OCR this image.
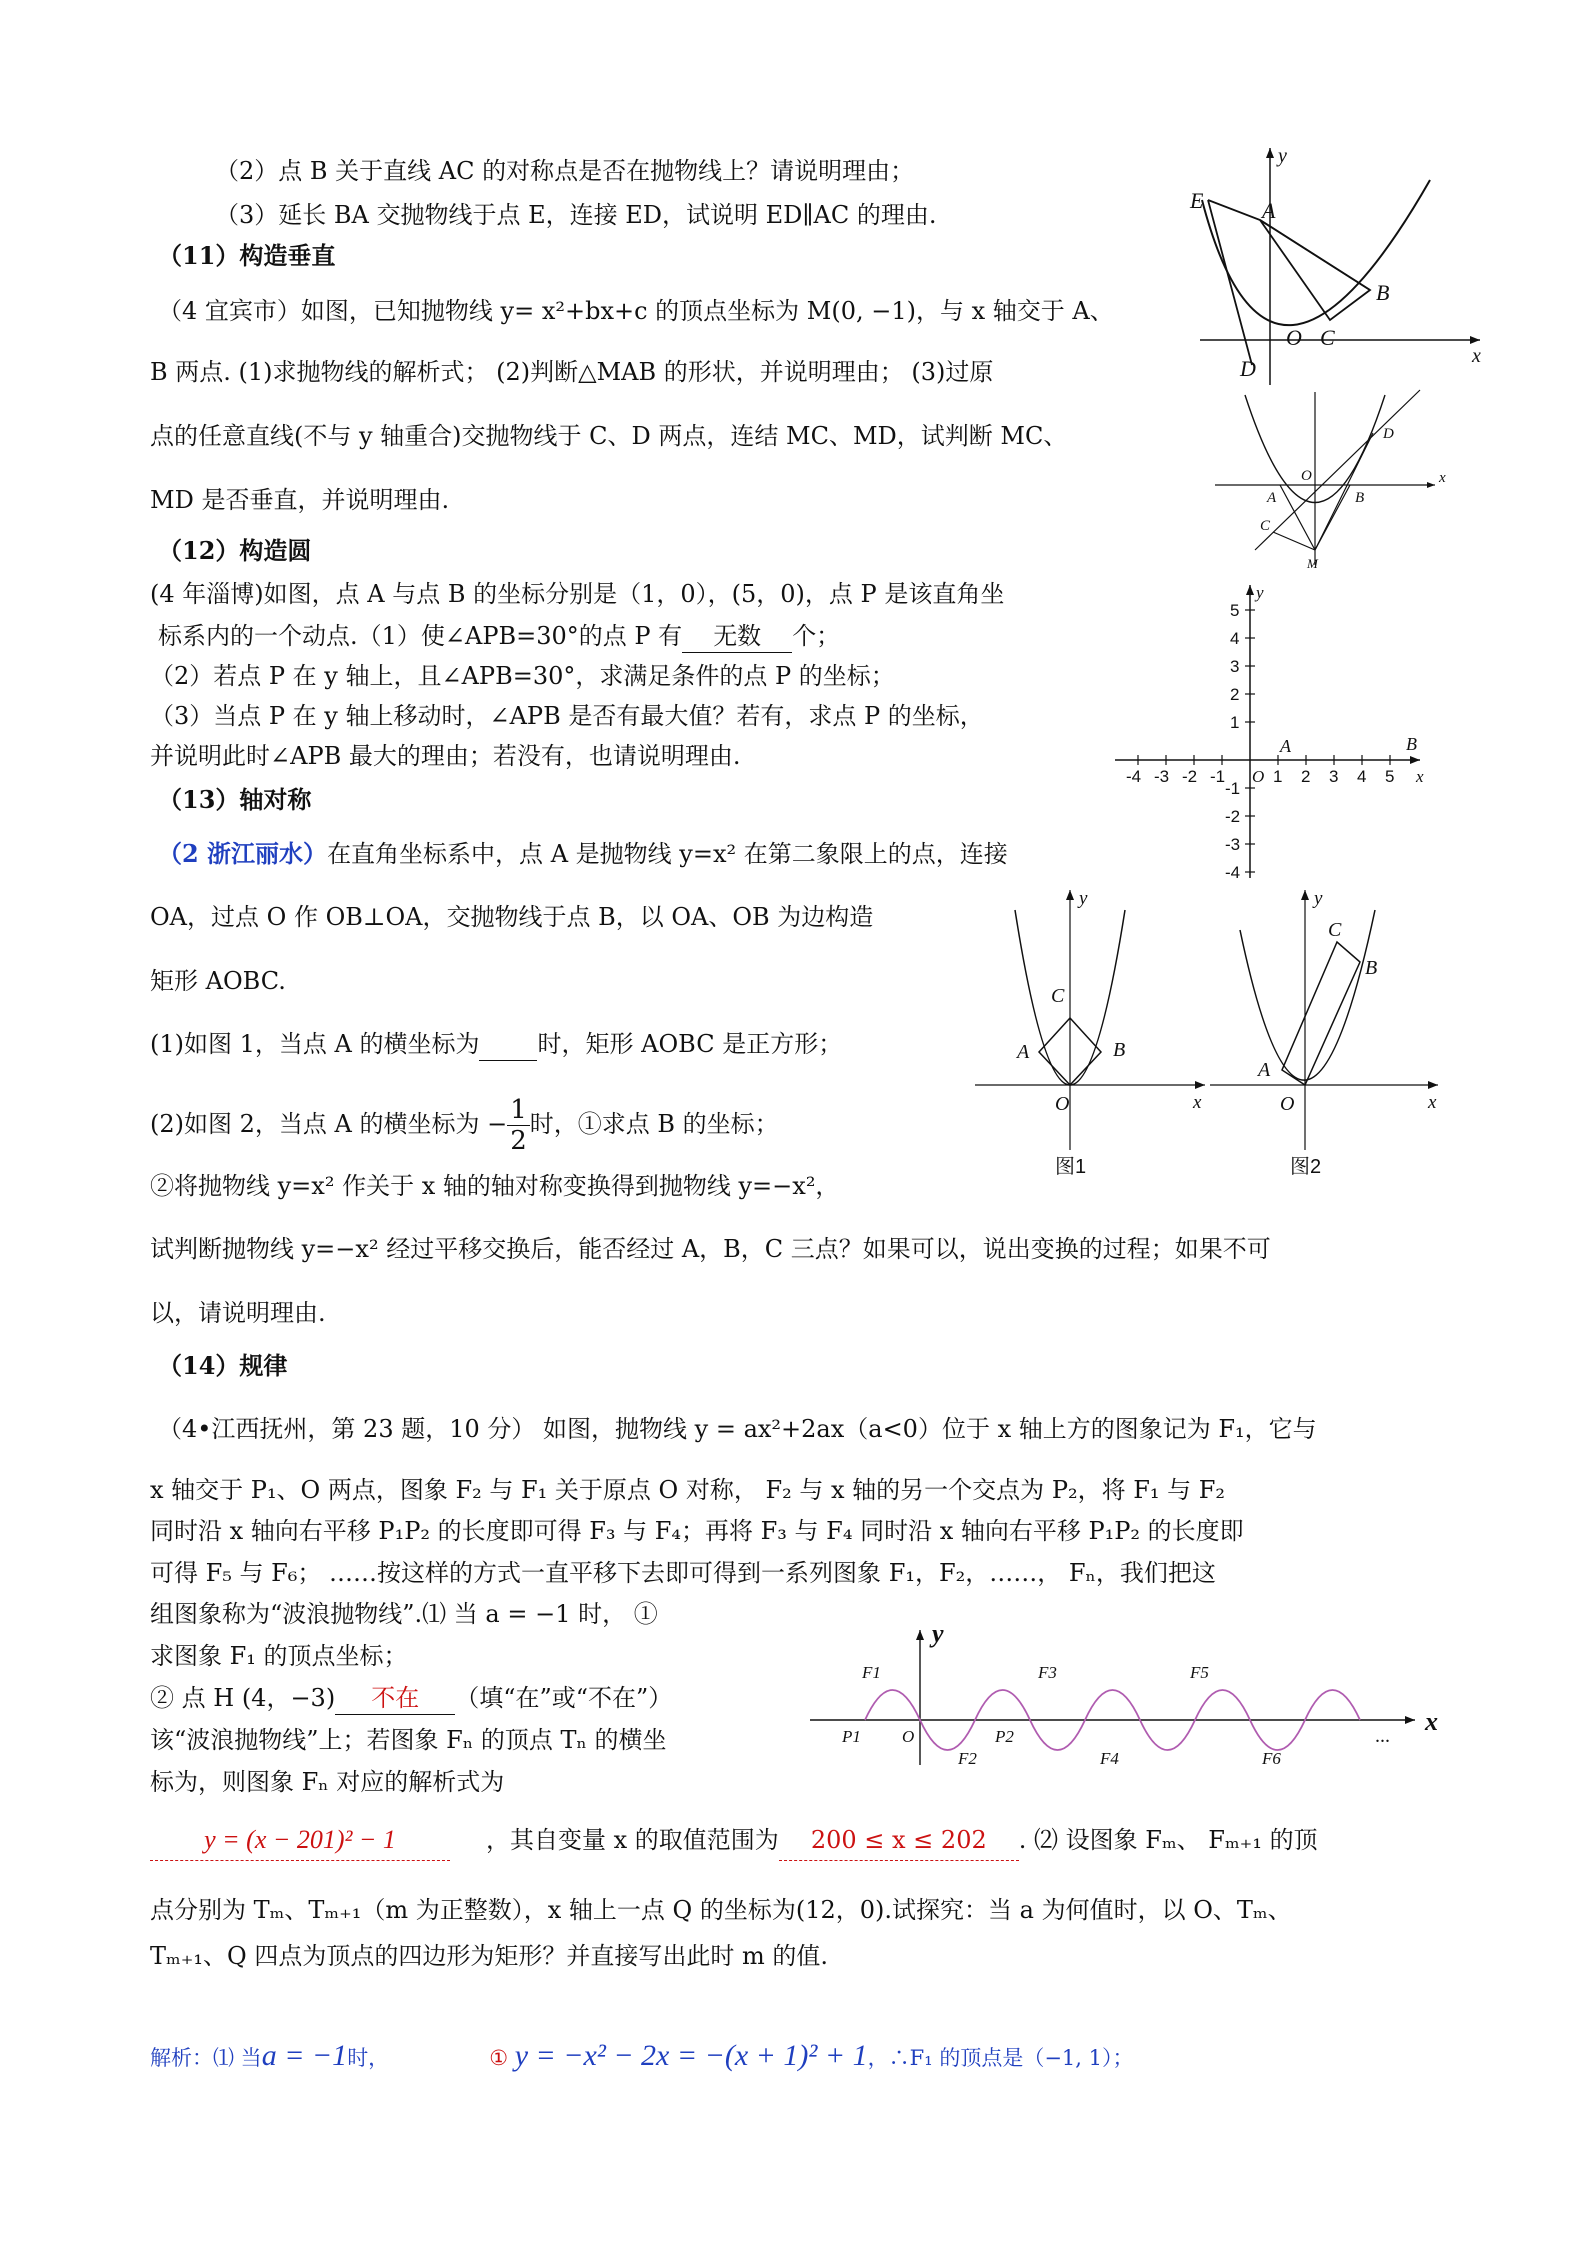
（2）点 B 关于直线 AC 的对称点是否在抛物线上？请说明理由；
（3）延长 BA 交抛物线于点 E，连接 ED，试说明 ED∥AC 的理由.
（11）构造垂直
（4 宜宾市）如图，已知抛物线 y= x²+bx+c 的顶点坐标为 M(0, −1)，与 x 轴交于 A、
B 两点. (1)求抛物线的解析式； (2)判断△MAB 的形状，并说明理由； (3)过原
点的任意直线(不与 y 轴重合)交抛物线于 C、D 两点，连结 MC、MD，试判断 MC、
MD 是否垂直，并说明理由.
（12）构造圆
(4 年淄博)如图，点 A 与点 B 的坐标分别是（1，0），(5，0)，点 P 是该直角坐
标系内的一个动点.（1）使∠APB=30°的点 P 有 无数 个；
（2）若点 P 在 y 轴上，且∠APB=30°，求满足条件的点 P 的坐标；
（3）当点 P 在 y 轴上移动时，∠APB 是否有最大值？若有，求点 P 的坐标，
并说明此时∠APB 最大的理由；若没有，也请说明理由.
（13）轴对称
（2 浙江丽水）在直角坐标系中，点 A 是抛物线 y=x² 在第二象限上的点，连接
OA，过点 O 作 OB⊥OA，交抛物线于点 B，以 OA、OB 为边构造
矩形 AOBC.
(1)如图 1，当点 A 的横坐标为 时，矩形 AOBC 是正方形；
(2)如图 2，当点 A 的横坐标为 − $\frac{1}{2}$ 时，①求点 B 的坐标；
②将抛物线 y=x² 作关于 x 轴的轴对称变换得到抛物线 y=−x²，
试判断抛物线 y=−x² 经过平移交换后，能否经过 A，B，C 三点？如果可以，说出变换的过程；如果不可
以，请说明理由.
（14）规律
（4•江西抚州，第 23 题，10 分） 如图，抛物线 y = ax²+2ax（a<0）位于 x 轴上方的图象记为 F₁，它与
x 轴交于 P₁、O 两点，图象 F₂ 与 F₁ 关于原点 O 对称， F₂ 与 x 轴的另一个交点为 P₂，将 F₁ 与 F₂
同时沿 x 轴向右平移 P₁P₂ 的长度即可得 F₃ 与 F₄；再将 F₃ 与 F₄ 同时沿 x 轴向右平移 P₁P₂ 的长度即
可得 F₅ 与 F₆； ……按这样的方式一直平移下去即可得到一系列图象 F₁，F₂，……， Fₙ，我们把这
组图象称为“波浪抛物线”.⑴ 当 a = −1 时， ①
求图象 F₁ 的顶点坐标；
② 点 H (4，−3) 不在 （填“在”或“不在”）
该“波浪抛物线”上；若图象 Fₙ 的顶点 Tₙ 的横坐
标为，则图象 Fₙ 对应的解析式为
y = (x − 201)² − 1	，其自变量 x 的取值范围为 200 ≤ x ≤ 202 . ⑵ 设图象 Fₘ、 Fₘ₊₁ 的顶
点分别为 Tₘ、Tₘ₊₁（m 为正整数），x 轴上一点 Q 的坐标为(12，0).试探究：当 a 为何值时，以 O、Tₘ、
Tₘ₊₁、Q 四点为顶点的四边形为矩形？并直接写出此时 m 的值.
解析：⑴ 当a = −1时，	① y = −x² − 2x = −(x + 1)² + 1，∴F₁ 的顶点是（−1, 1）；
E	A
B
O C
D
y
x
D
O
A	B
C
M
x
5
4
3
2
1
-1
-2
-3
-4
-4 -3 -2 -1	1 2 3 4 5
y
A	B
x
O
y
C
A	B
O	x
图1
y
C
B
A
O	x
图2
y
x
O
F1
F2
F3
F4
F5
F6
P1	P2	...
